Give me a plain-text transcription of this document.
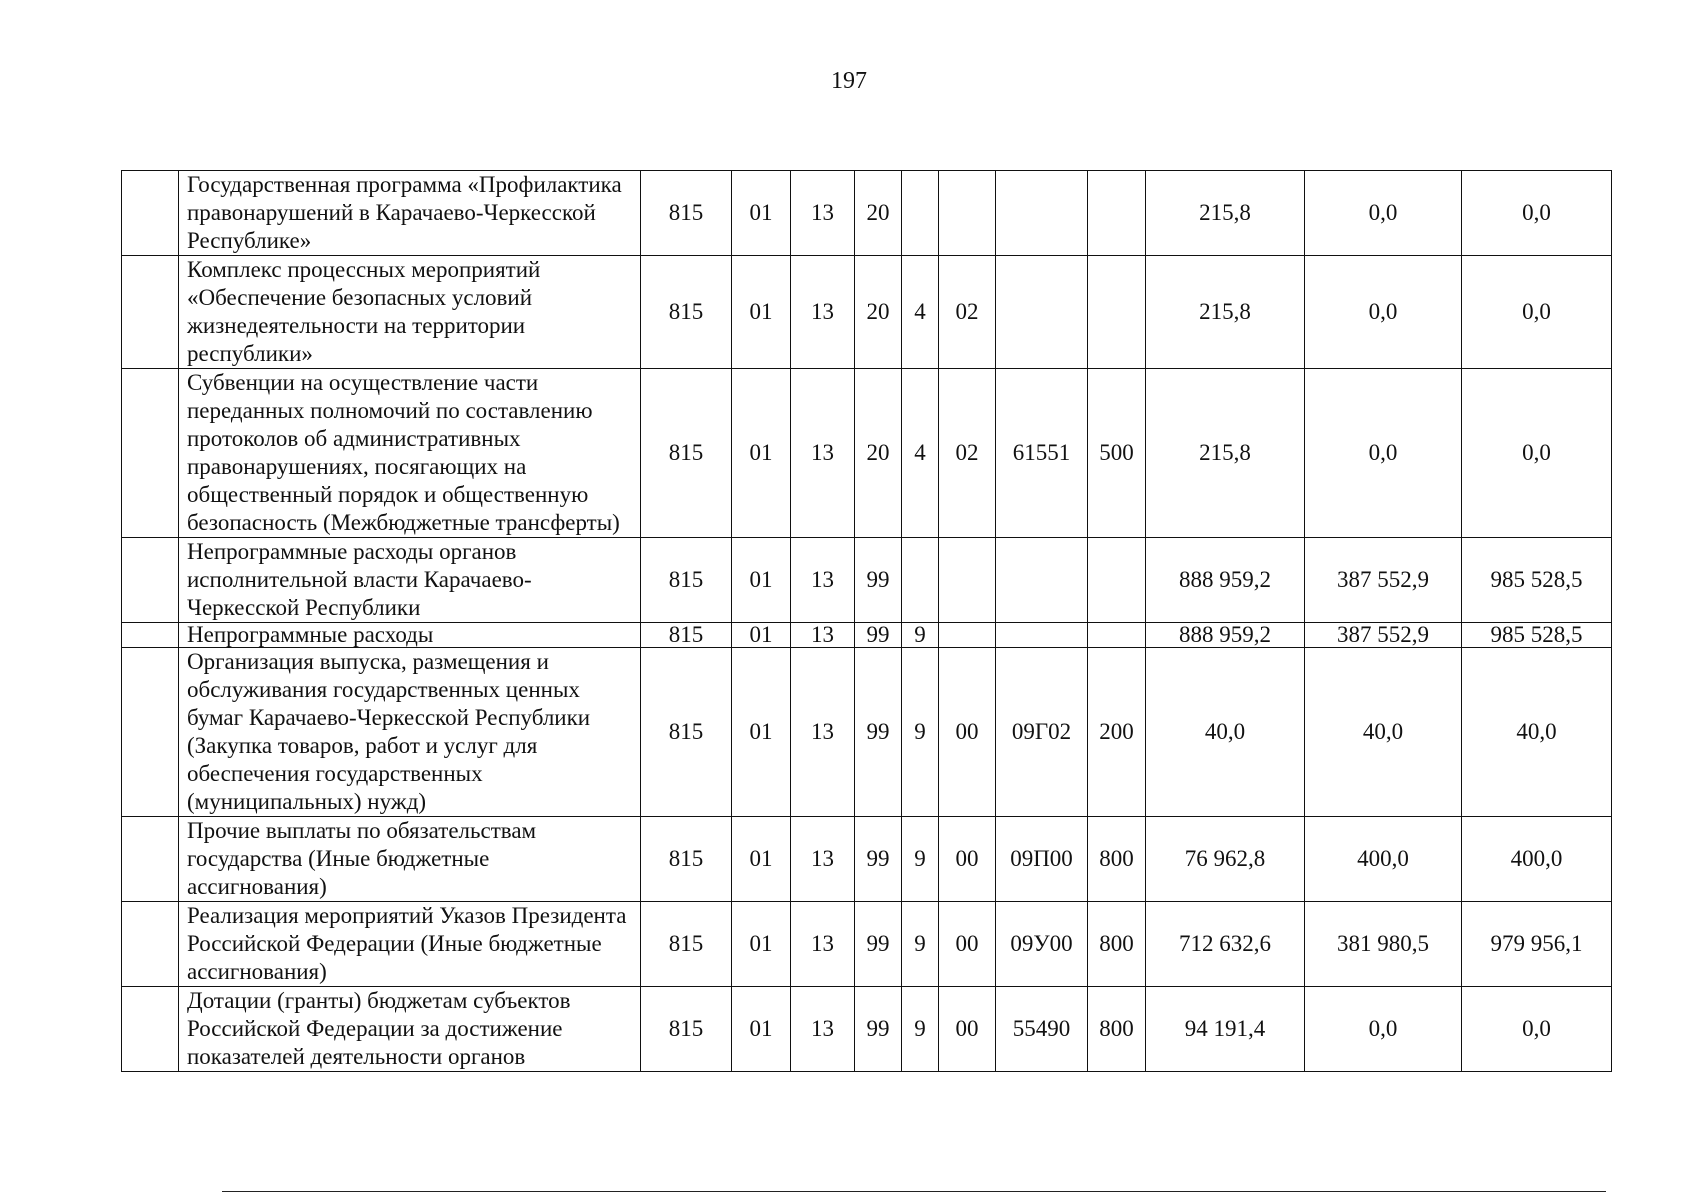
197
	Государственная программа «Профилактика правонарушений в Карачаево-Черкесской Республике»	815	01	13	20					215,8	0,0	0,0
	Комплекс процессных мероприятий «Обеспечение безопасных условий жизнедеятельности на территории республики»	815	01	13	20	4	02			215,8	0,0	0,0
	Субвенции на осуществление части переданных полномочий по составлению протоколов об административных правонарушениях, посягающих на общественный порядок и общественную безопасность (Межбюджетные трансферты)	815	01	13	20	4	02	61551	500	215,8	0,0	0,0
	Непрограммные расходы органов исполнительной власти Карачаево-Черкесской Республики	815	01	13	99					888 959,2	387 552,9	985 528,5
	Непрограммные расходы	815	01	13	99	9				888 959,2	387 552,9	985 528,5
	Организация выпуска, размещения и обслуживания государственных ценных бумаг Карачаево-Черкесской Республики (Закупка товаров, работ и услуг для обеспечения государственных (муниципальных) нужд)	815	01	13	99	9	00	09Г02	200	40,0	40,0	40,0
	Прочие выплаты по обязательствам государства (Иные бюджетные ассигнования)	815	01	13	99	9	00	09П00	800	76 962,8	400,0	400,0
	Реализация мероприятий Указов Президента Российской Федерации (Иные бюджетные ассигнования)	815	01	13	99	9	00	09У00	800	712 632,6	381 980,5	979 956,1
	Дотации (гранты) бюджетам субъектов Российской Федерации за достижение показателей деятельности органов	815	01	13	99	9	00	55490	800	94 191,4	0,0	0,0
